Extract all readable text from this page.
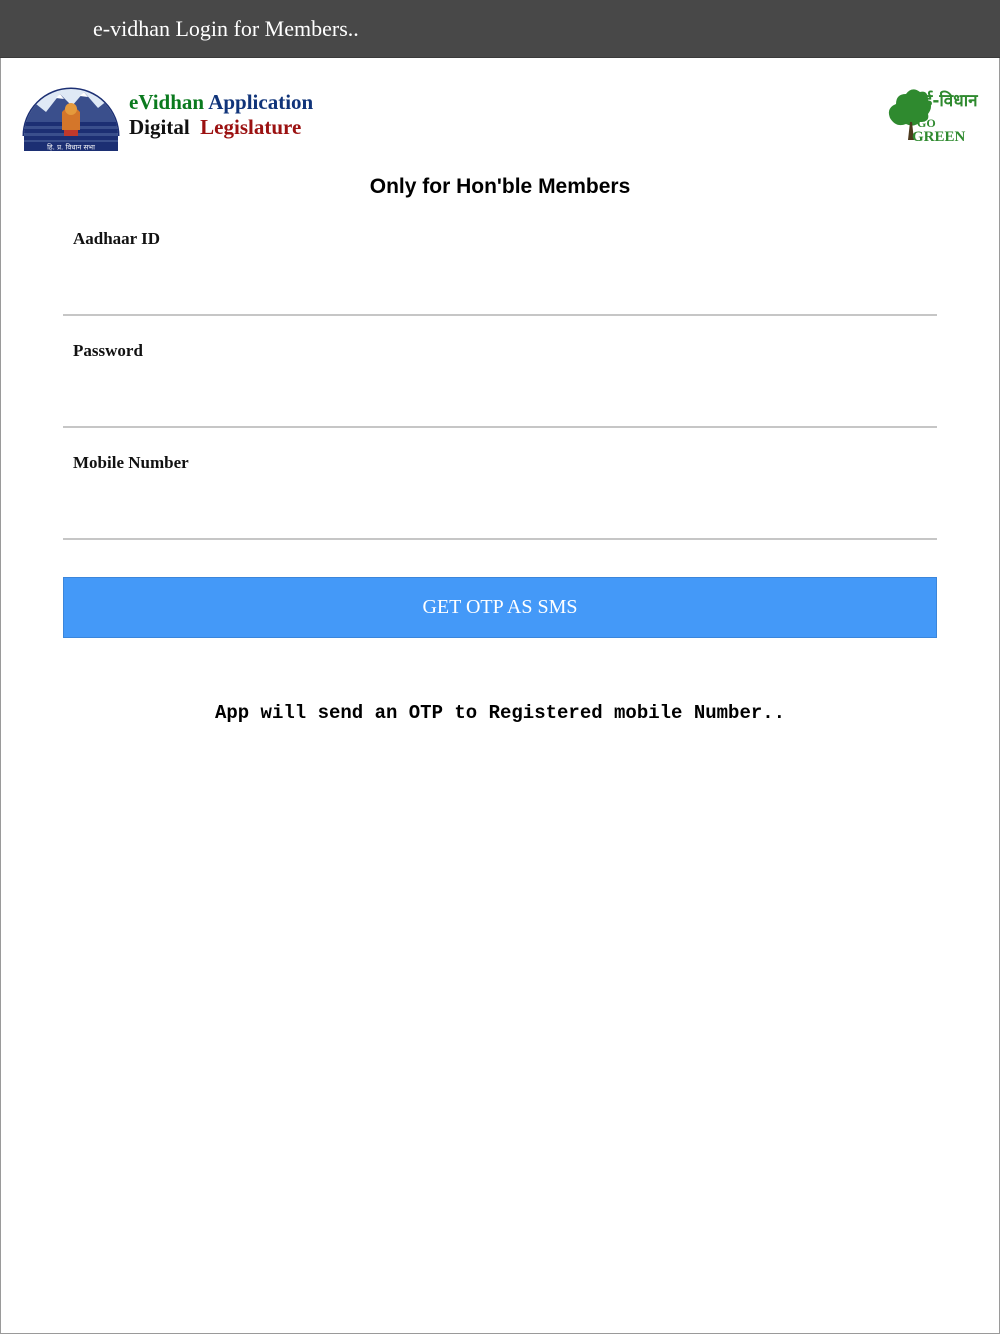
e-vidhan Login for Members..
हि. प्र. विधान सभा
eVidhan Application
Digital Legislature
ई-विधान
GO
GREEN
Only for Hon'ble Members
Aadhaar ID
Password
Mobile Number
GET OTP AS SMS
App will send an OTP to Registered mobile Number..
